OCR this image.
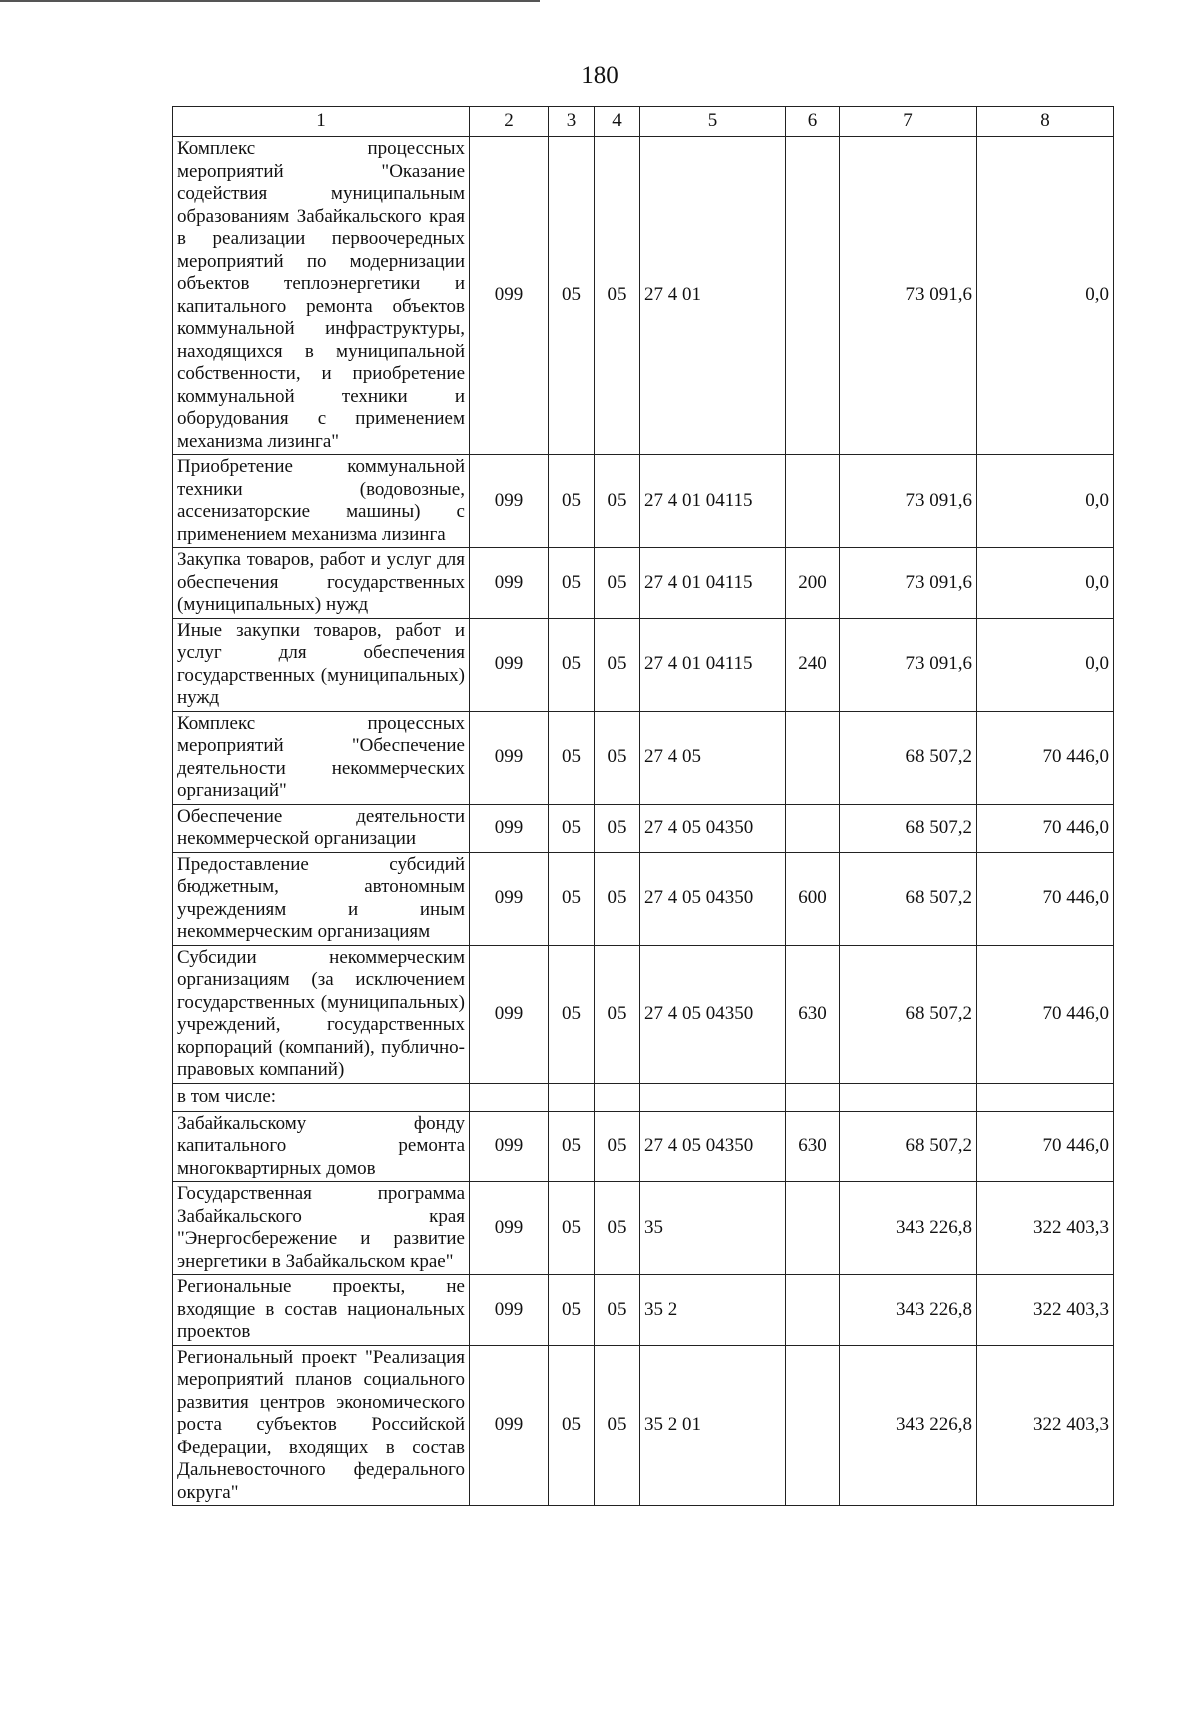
180
1	2	3	4	5	6	7	8
Комплекс процессных мероприятий "Оказание содействия муниципальным образованиям Забайкальского края в реализации первоочередных мероприятий по модернизации объектов теплоэнергетики и капитального ремонта объектов коммунальной инфраструктуры, находящихся в муниципальной собственности, и приобретение коммунальной техники и оборудования с применением механизма лизинга"	099	05	05	27 4 01		73 091,6	0,0
Приобретение коммунальной техники (водовозные, ассенизаторские машины) с применением механизма лизинга	099	05	05	27 4 01 04115		73 091,6	0,0
Закупка товаров, работ и услуг для обеспечения государственных (муниципальных) нужд	099	05	05	27 4 01 04115	200	73 091,6	0,0
Иные закупки товаров, работ и услуг для обеспечения государственных (муниципальных) нужд	099	05	05	27 4 01 04115	240	73 091,6	0,0
Комплекс процессных мероприятий "Обеспечение деятельности некоммерческих организаций"	099	05	05	27 4 05		68 507,2	70 446,0
Обеспечение деятельности некоммерческой организации	099	05	05	27 4 05 04350		68 507,2	70 446,0
Предоставление субсидий бюджетным, автономным учреждениям и иным некоммерческим организациям	099	05	05	27 4 05 04350	600	68 507,2	70 446,0
Субсидии некоммерческим организациям (за исключением государственных (муниципальных) учреждений, государственных корпораций (компаний), публично-правовых компаний)	099	05	05	27 4 05 04350	630	68 507,2	70 446,0
в том числе:							
Забайкальскому фонду капитального ремонта многоквартирных домов	099	05	05	27 4 05 04350	630	68 507,2	70 446,0
Государственная программа Забайкальского края "Энергосбережение и развитие энергетики в Забайкальском крае"	099	05	05	35		343 226,8	322 403,3
Региональные проекты, не входящие в состав национальных проектов	099	05	05	35 2		343 226,8	322 403,3
Региональный проект "Реализация мероприятий планов социального развития центров экономического роста субъектов Российской Федерации, входящих в состав Дальневосточного федерального округа"	099	05	05	35 2 01		343 226,8	322 403,3
